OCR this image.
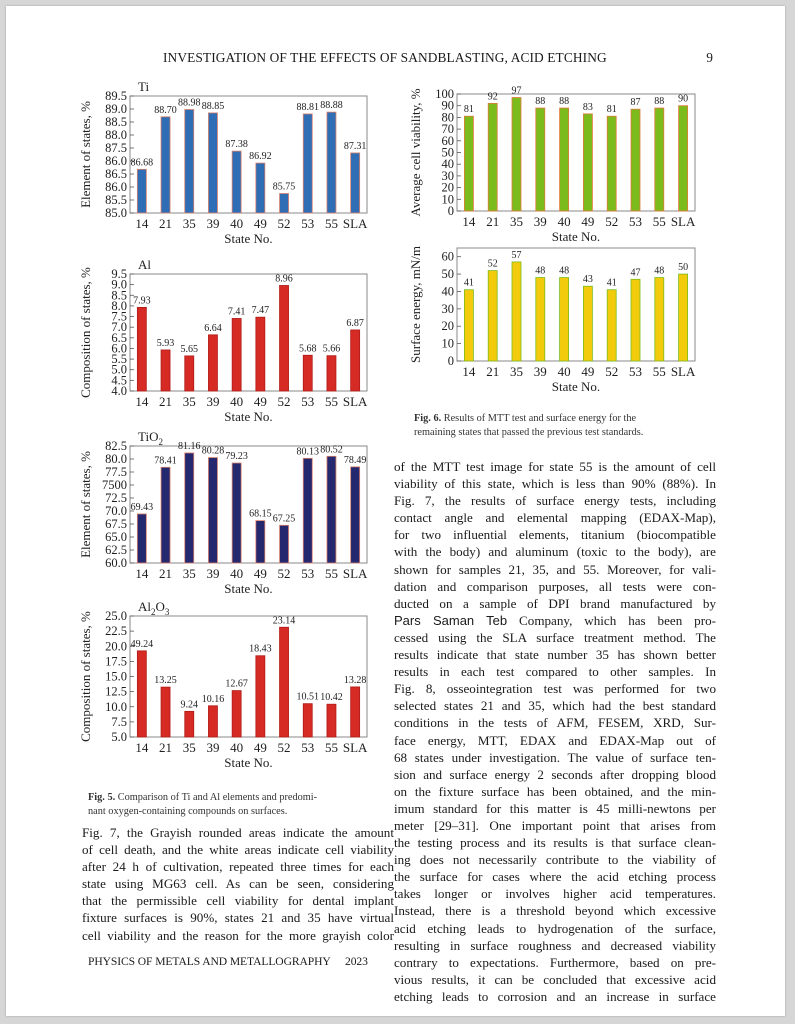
INVESTIGATION OF THE EFFECTS OF SANDBLASTING, ACID ETCHING	9
Ti
85.0
85.5
86.0
86.5
86.0
87.5
88.0
88.5
89.0
89.5
86.68
14
88.70
21
88.98
35
88.85
39
87.38
40
86.92
49
85.75
52
88.81
53
88.88
55
87.31
SLA
State No.
Element of states, %
Al
4.0
4.5
5.0
5.5
6.0
6.5
7.0
7.5
8.0
8.5
9.0
9.5
7.93
14
5.93
21
5.65
35
6.64
39
7.41
40
7.47
49
8.96
52
5.68
53
5.66
55
6.87
SLA
State No.
Composition of states, %
TiO$_2$
60.0
62.5
65.0
67.5
70.0
72.5
7500
77.5
80.0
82.5
69.43
14
78.41
21
81.16
35
80.28
39
79.23
40
68.15
49
67.25
52
80.13
53
80.52
55
78.49
SLA
State No.
Element of states, %
$Al_2O_3$
5.0
7.5
10.0
12.5
15.0
17.5
20.0
22.5
25.0
49.24
14
13.25
21
9.24
35
10.16
39
12.67
40
18.43
49
23.14
52
10.51
53
10.42
55
13.28
SLA
State No.
Composition of states, %
0
10
20
30
40
50
60
70
80
90
100
81
14
92
21
97
35
88
39
88
40
83
49
81
52
87
53
88
55
90
SLA
State No.
Average cell viability, %
0
10
20
30
40
50
60
41
14
52
21
57
35
48
39
48
40
43
49
41
52
47
53
48
55
50
SLA
State No.
Surface energy, mN/m
Fig. 5. Comparison of Ti and Al elements and predomi-
nant oxygen-containing compounds on surfaces.
Fig. 6. Results of MTT test and surface energy for the
remaining states that passed the previous test standards.
Fig. 7, the Grayish rounded areas indicate the amount
of cell death, and the white areas indicate cell viability
after 24 h of cultivation, repeated three times for each
state using MG63 cell. As can be seen, considering
that the permissible cell viability for dental implant
fixture surfaces is 90%, states 21 and 35 have virtual
cell viability and the reason for the more grayish color
of the MTT test image for state 55 is the amount of cell
viability of this state, which is less than 90% (88%). In
Fig. 7, the results of surface energy tests, including
contact angle and elemental mapping (EDAX-Map),
for two influential elements, titanium (biocompatible
with the body) and aluminum (toxic to the body), are
shown for samples 21, 35, and 55. Moreover, for vali-
dation and comparison purposes, all tests were con-
ducted on a sample of DPI brand manufactured by
Pars Saman Teb Company, which has been pro-
cessed using the SLA surface treatment method. The
results indicate that state number 35 has shown better
results in each test compared to other samples. In
Fig. 8, osseointegration test was performed for two
selected states 21 and 35, which had the best standard
conditions in the tests of AFM, FESEM, XRD, Sur-
face energy, MTT, EDAX and EDAX-Map out of
68 states under investigation. The value of surface ten-
sion and surface energy 2 seconds after dropping blood
on the fixture surface has been obtained, and the min-
imum standard for this matter is 45 milli-newtons per
meter [29–31]. One important point that arises from
the testing process and its results is that surface clean-
ing does not necessarily contribute to the viability of
the surface for cases where the acid etching process
takes longer or involves higher acid temperatures.
Instead, there is a threshold beyond which excessive
acid etching leads to hydrogenation of the surface,
resulting in surface roughness and decreased viability
contrary to expectations. Furthermore, based on pre-
vious results, it can be concluded that excessive acid
etching leads to corrosion and an increase in surface
PHYSICS OF METALS AND METALLOGRAPHY 2023
